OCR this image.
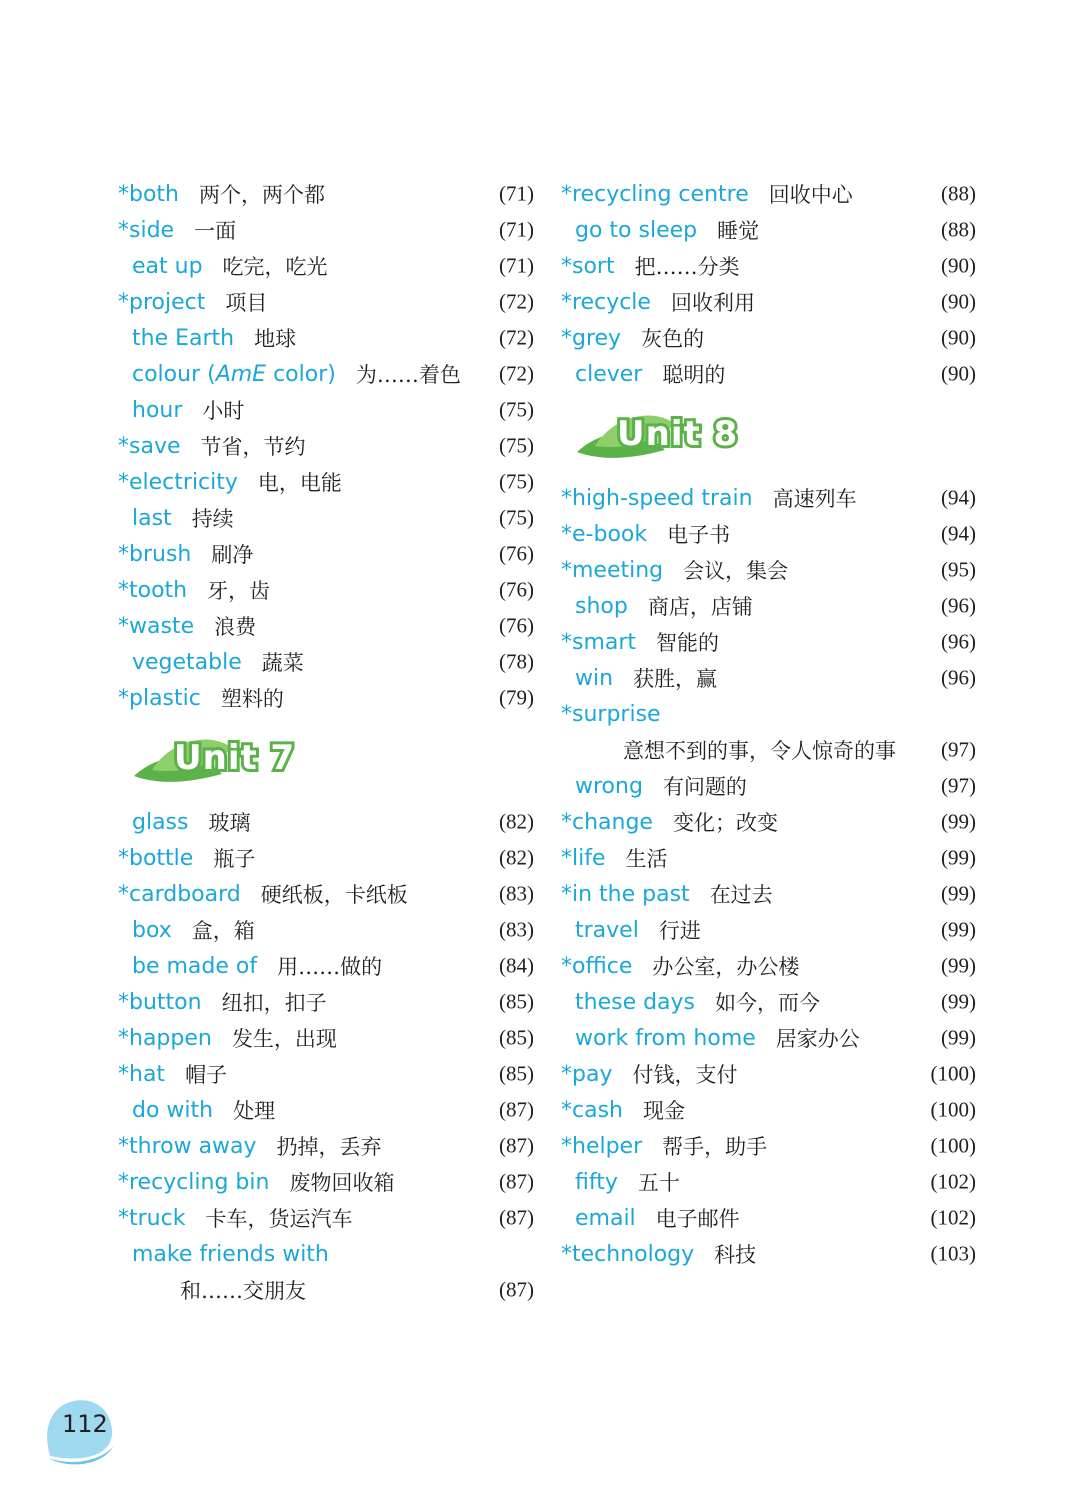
*both 两个，两个都	(71)
*side 一面	(71)
eat up 吃完，吃光	(71)
*project 项目	(72)
the Earth 地球	(72)
colour (AmE color) 为……着色 (72)
hour 小时	(75)
*save 节省，节约	(75)
*electricity 电，电能	(75)
last 持续	(75)
*brush 刷净	(76)
*tooth 牙，齿	(76)
*waste 浪费	(76)
vegetable 蔬菜	(78)
*plastic 塑料的	(79)
Unit 7
glass 玻璃	(82)
*bottle 瓶子	(82)
*cardboard 硬纸板，卡纸板	(83)
box 盒，箱	(83)
be made of 用……做的	(84)
*button 纽扣，扣子	(85)
*happen 发生，出现	(85)
*hat 帽子	(85)
do with 处理	(87)
*throw away 扔掉，丢弃	(87)
*recycling bin 废物回收箱	(87)
*truck 卡车，货运汽车	(87)
make friends with
和……交朋友	(87)
*recycling centre 回收中心	(88)
go to sleep 睡觉	(88)
*sort 把……分类	(90)
*recycle 回收利用	(90)
*grey 灰色的	(90)
clever 聪明的	(90)
Unit 8
*high-speed train 高速列车	(94)
*e-book 电子书	(94)
*meeting 会议，集会	(95)
shop 商店，店铺	(96)
*smart 智能的	(96)
win 获胜，赢	(96)
*surprise
意想不到的事，令人惊奇的事 (97)
wrong 有问题的	(97)
*change 变化；改变	(99)
*life 生活	(99)
*in the past 在过去	(99)
travel 行进	(99)
*office 办公室，办公楼	(99)
these days 如今，而今	(99)
work from home 居家办公	(99)
*pay 付钱，支付	(100)
*cash 现金	(100)
*helper 帮手，助手	(100)
fifty 五十	(102)
email 电子邮件	(102)
*technology 科技	(103)
112
